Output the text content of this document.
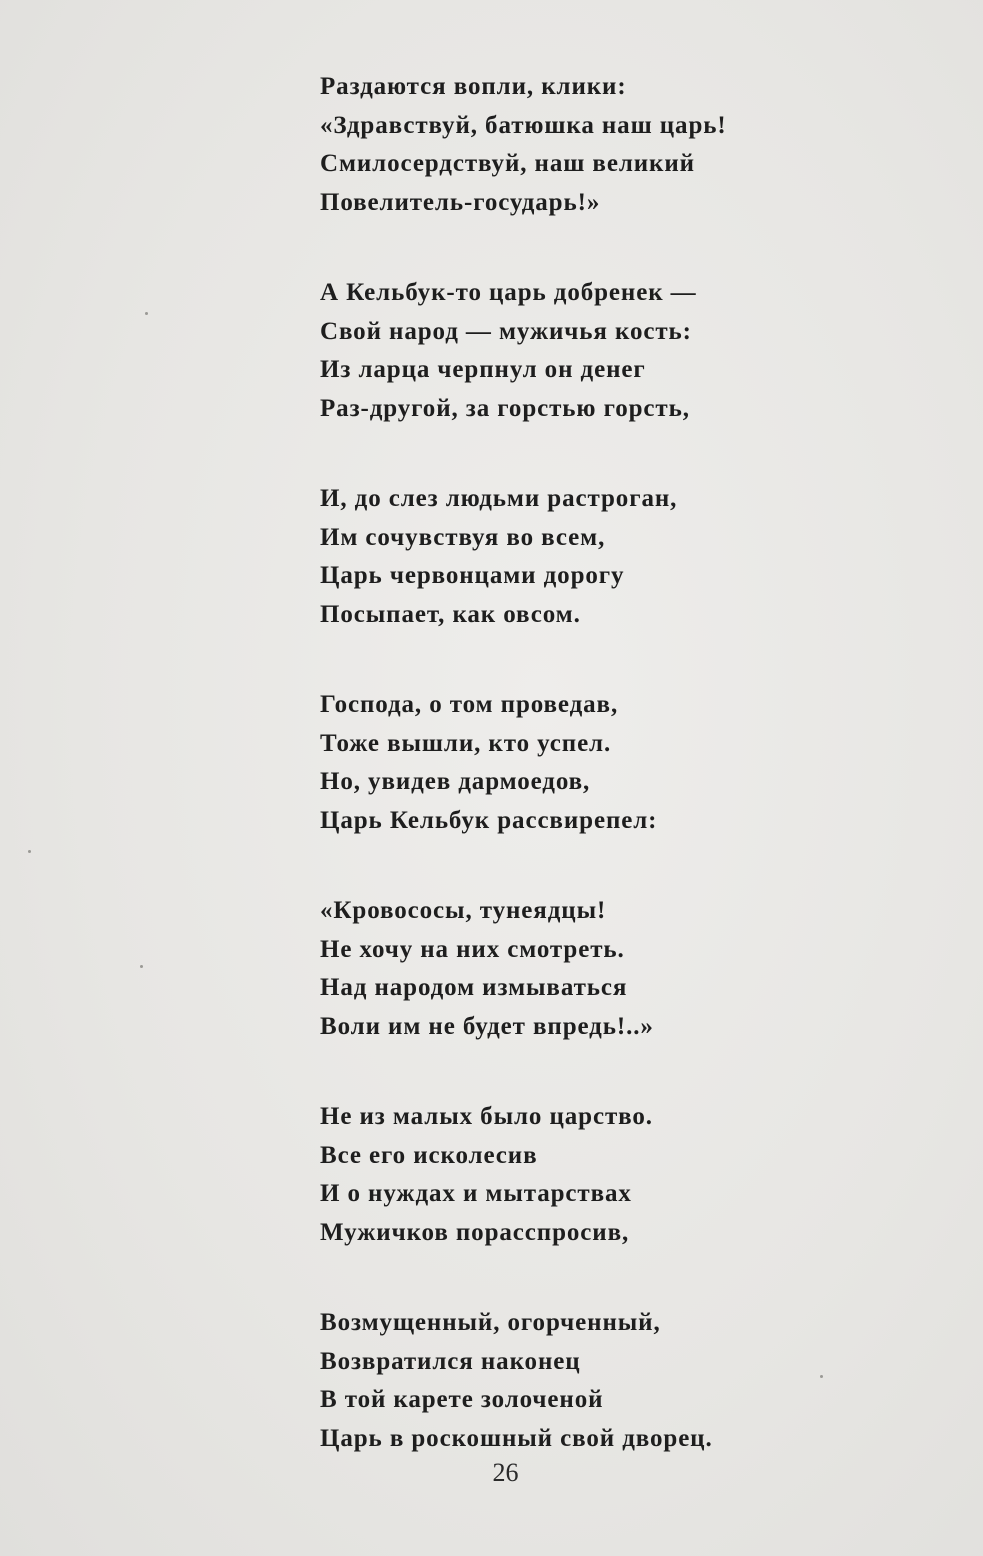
Раздаются вопли, клики:
«Здравствуй, батюшка наш царь!
Смилосердствуй, наш великий
Повелитель-государь!»
А Кельбук-то царь добренек —
Свой народ — мужичья кость:
Из ларца черпнул он денег
Раз-другой, за горстью горсть,
И, до слез людьми растроган,
Им сочувствуя во всем,
Царь червонцами дорогу
Посыпает, как овсом.
Господа, о том проведав,
Тоже вышли, кто успел.
Но, увидев дармоедов,
Царь Кельбук рассвирепел:
«Кровососы, тунеядцы!
Не хочу на них смотреть.
Над народом измываться
Воли им не будет впредь!..»
Не из малых было царство.
Все его исколесив
И о нуждах и мытарствах
Мужичков порасспросив,
Возмущенный, огорченный,
Возвратился наконец
В той карете золоченой
Царь в роскошный свой дворец.
26
